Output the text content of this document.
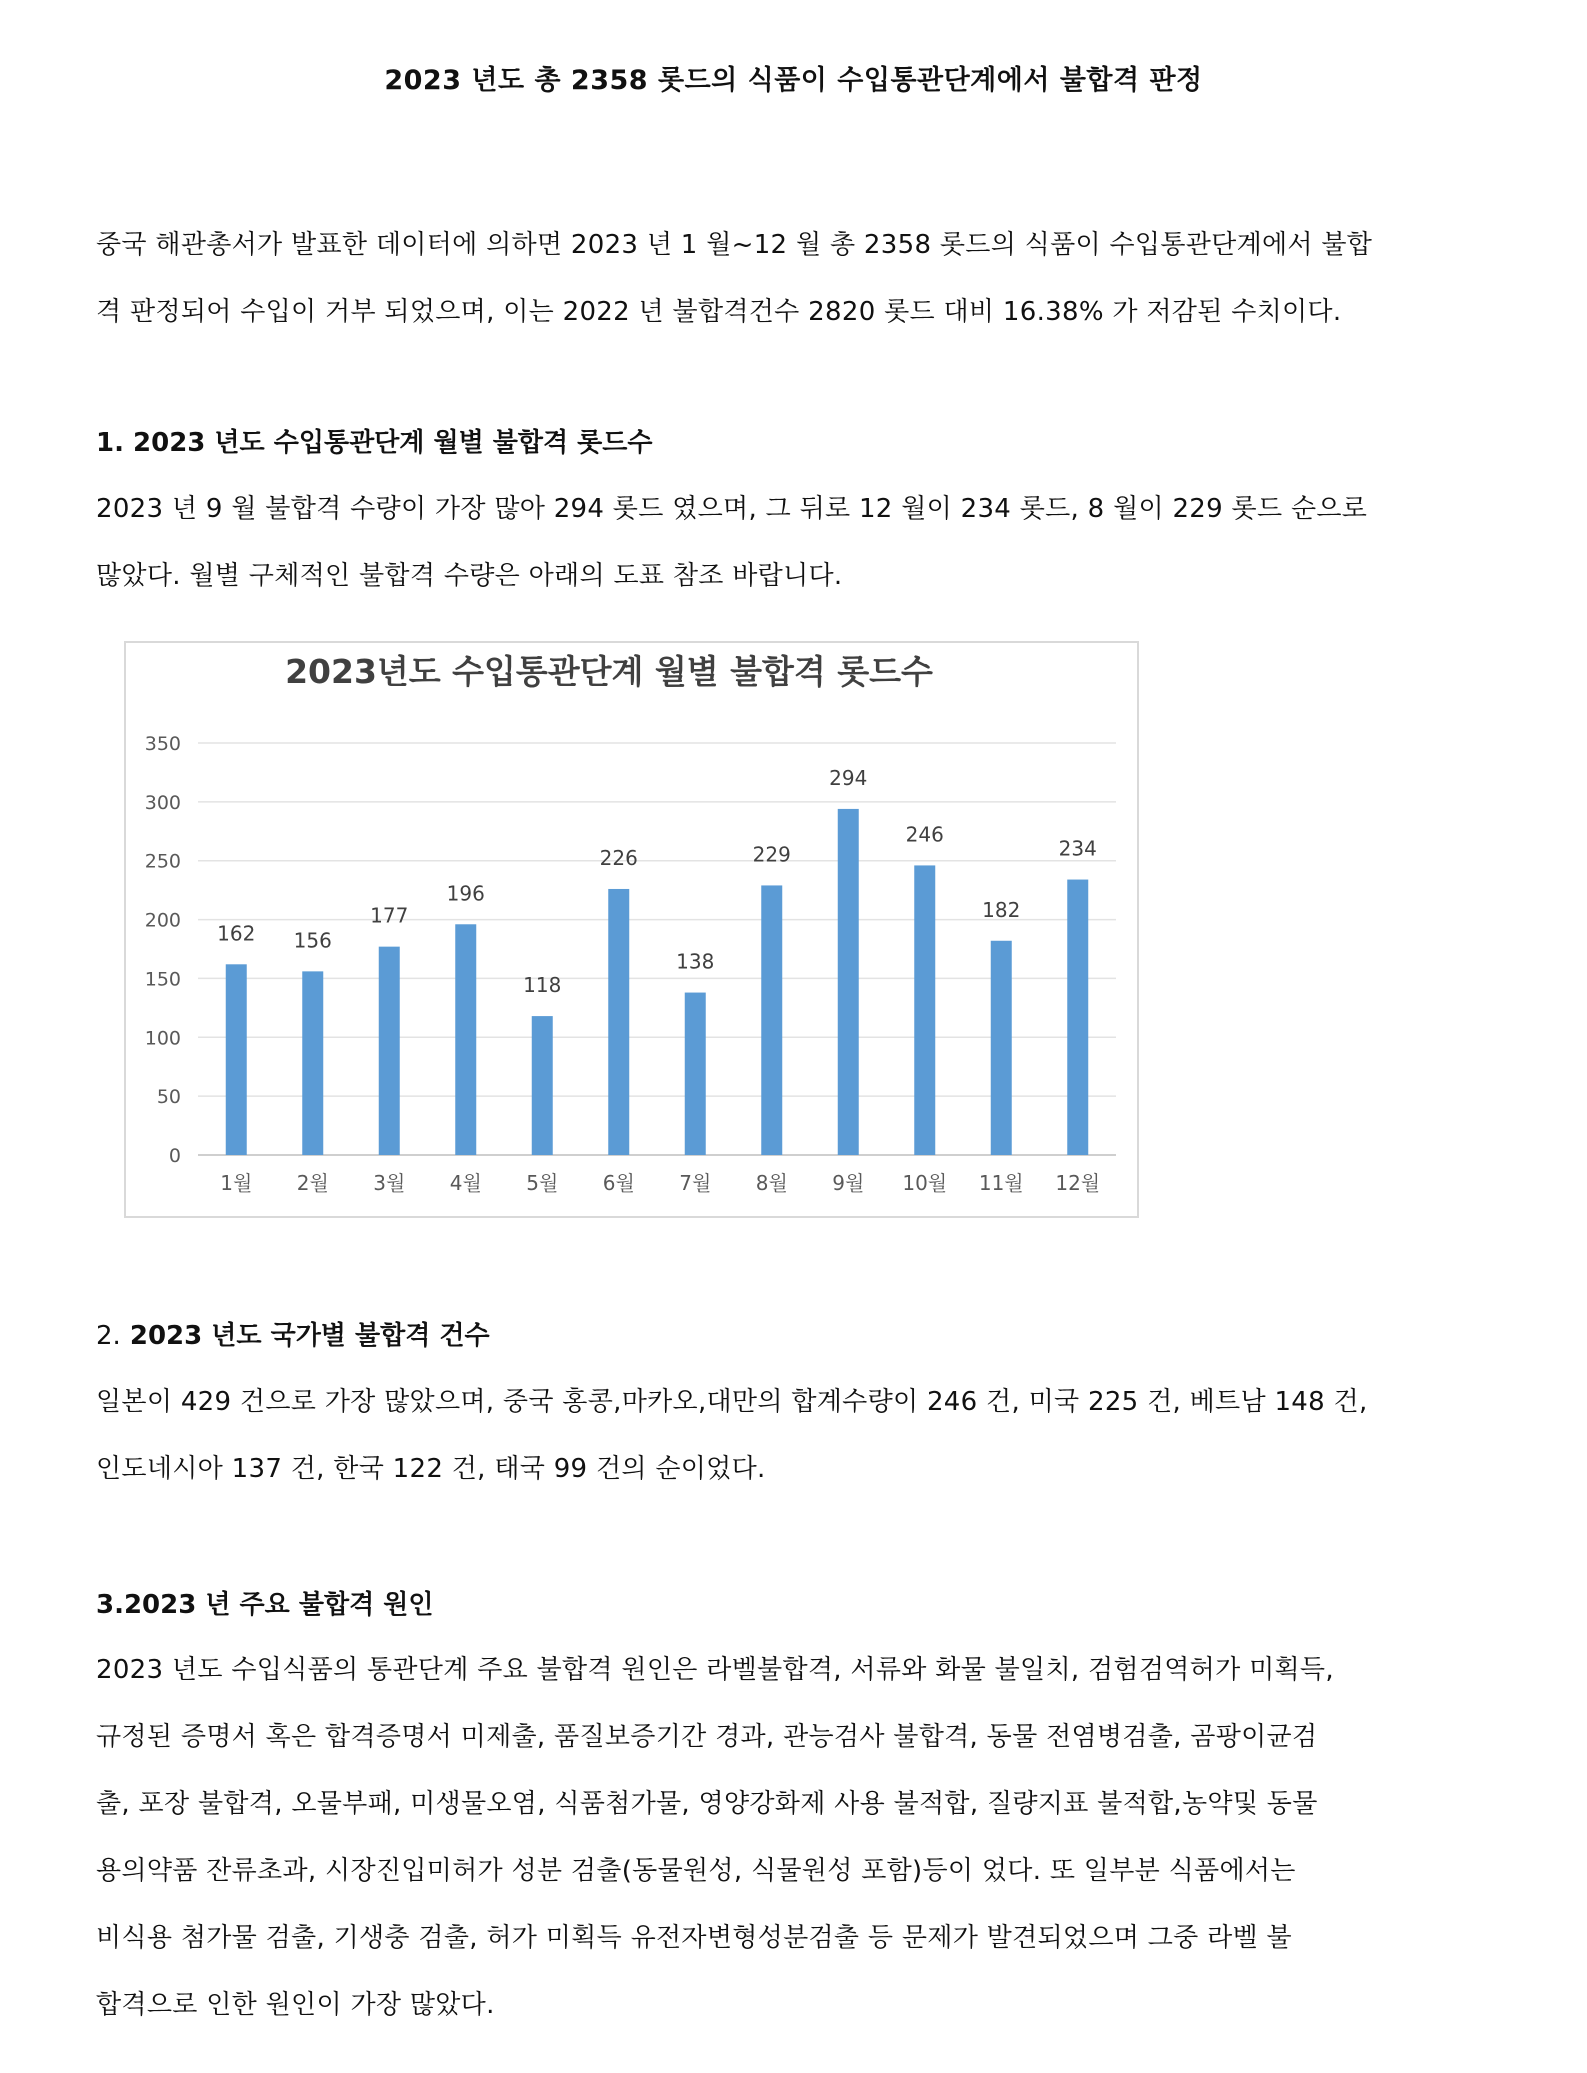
2023 년도 총 2358 롯드의 식품이 수입통관단계에서 불합격 판정

중국 해관총서가 발표한 데이터에 의하면 2023 년 1 월~12 월 총 2358 롯드의 식품이 수입통관단계에서 불합
격 판정되어 수입이 거부 되었으며, 이는 2022 년 불합격건수 2820 롯드 대비 16.38% 가 저감된 수치이다.

1. 2023 년도 수입통관단계 월별 불합격 롯드수

2023 년 9 월 불합격 수량이 가장 많아 294 롯드 였으며, 그 뒤로 12 월이 234 롯드, 8 월이 229 롯드 순으로
많았다. 월별 구체적인 불합격 수량은 아래의 도표 참조 바랍니다.

2023년도 수입통관단계 월별 불합격 롯드수
0
50
100
150
200
250
300
350
162 156
177
196
118
226
138
229
294
246
182
234
1월 2월 3월 4월 5월 6월 7월 8월 9월 10월 11월 12월
2. 2023 년도 국가별 불합격 건수

일본이 429 건으로 가장 많았으며, 중국 홍콩,마카오,대만의 합계수량이 246 건, 미국 225 건, 베트남 148 건,
인도네시아 137 건, 한국 122 건, 태국 99 건의 순이었다.

3.2023 년 주요 불합격 원인

2023 년도 수입식품의 통관단계 주요 불합격 원인은 라벨불합격, 서류와 화물 불일치, 검험검역허가 미획득,
규정된 증명서 혹은 합격증명서 미제출, 품질보증기간 경과, 관능검사 불합격, 동물 전염병검출, 곰팡이균검
출, 포장 불합격, 오물부패, 미생물오염, 식품첨가물, 영양강화제 사용 불적합, 질량지표 불적합,농약및 동물
용의약품 잔류초과, 시장진입미허가 성분 검출(동물원성, 식물원성 포함)등이 었다. 또 일부분 식품에서는
비식용 첨가물 검출, 기생충 검출, 허가 미획득 유전자변형성분검출 등 문제가 발견되었으며 그중 라벨 불
합격으로 인한 원인이 가장 많았다.
